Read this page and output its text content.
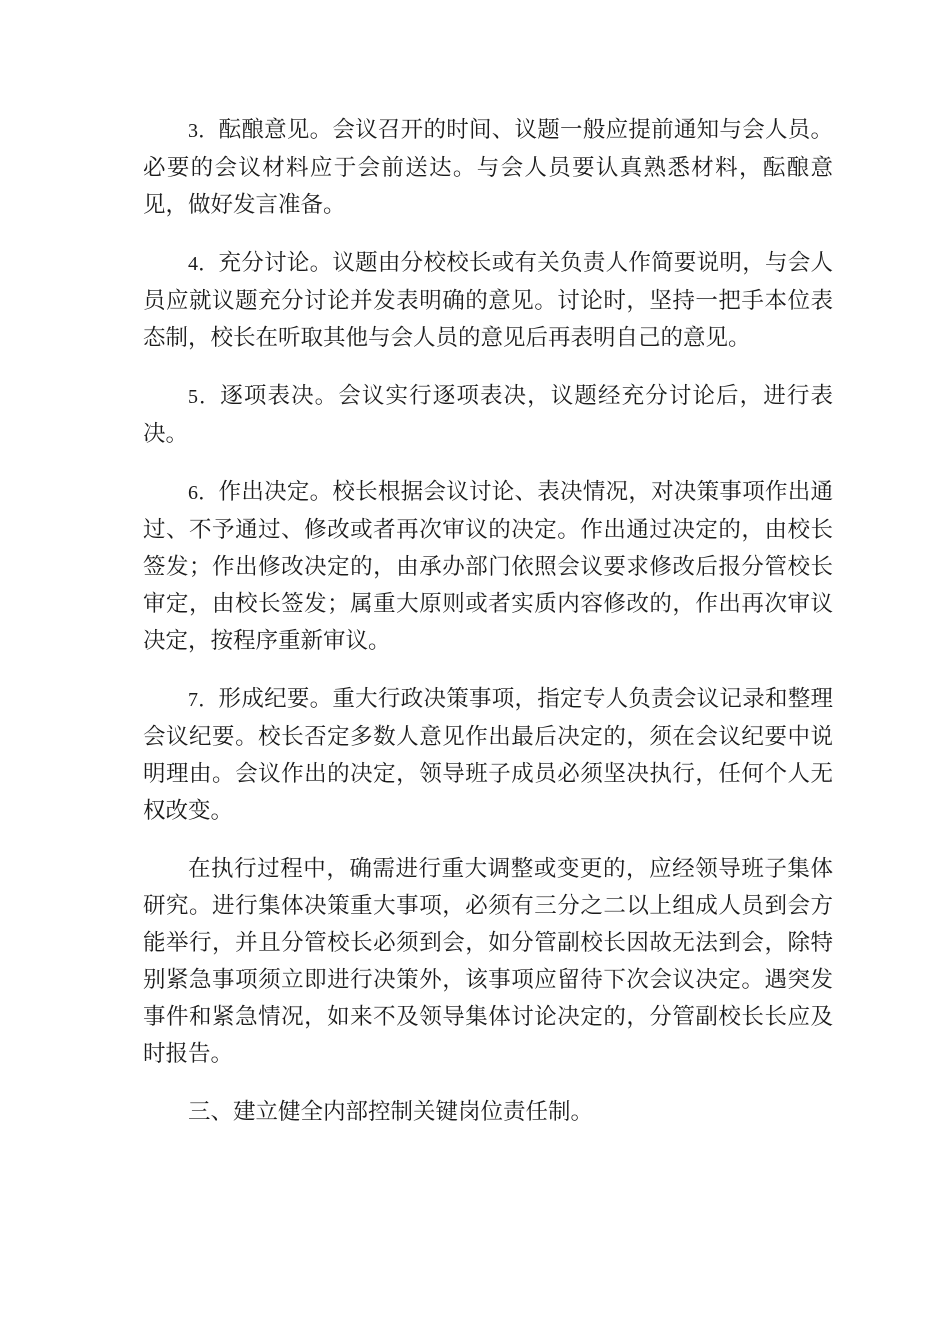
3．酝酿意见。会议召开的时间、议题一般应提前通知与会人员。必要的会议材料应于会前送达。与会人员要认真熟悉材料，酝酿意见，做好发言准备。

4．充分讨论。议题由分校校长或有关负责人作简要说明，与会人员应就议题充分讨论并发表明确的意见。讨论时，坚持一把手本位表态制，校长在听取其他与会人员的意见后再表明自己的意见。

5．逐项表决。会议实行逐项表决，议题经充分讨论后，进行表决。

6．作出决定。校长根据会议讨论、表决情况，对决策事项作出通过、不予通过、修改或者再次审议的决定。作出通过决定的，由校长签发；作出修改决定的，由承办部门依照会议要求修改后报分管校长审定，由校长签发；属重大原则或者实质内容修改的，作出再次审议决定，按程序重新审议。

7．形成纪要。重大行政决策事项，指定专人负责会议记录和整理会议纪要。校长否定多数人意见作出最后决定的，须在会议纪要中说明理由。会议作出的决定，领导班子成员必须坚决执行，任何个人无权改变。

在执行过程中，确需进行重大调整或变更的，应经领导班子集体研究。进行集体决策重大事项，必须有三分之二以上组成人员到会方能举行，并且分管校长必须到会，如分管副校长因故无法到会，除特别紧急事项须立即进行决策外，该事项应留待下次会议决定。遇突发事件和紧急情况，如来不及领导集体讨论决定的，分管副校长长应及时报告。

三、建立健全内部控制关键岗位责任制。
